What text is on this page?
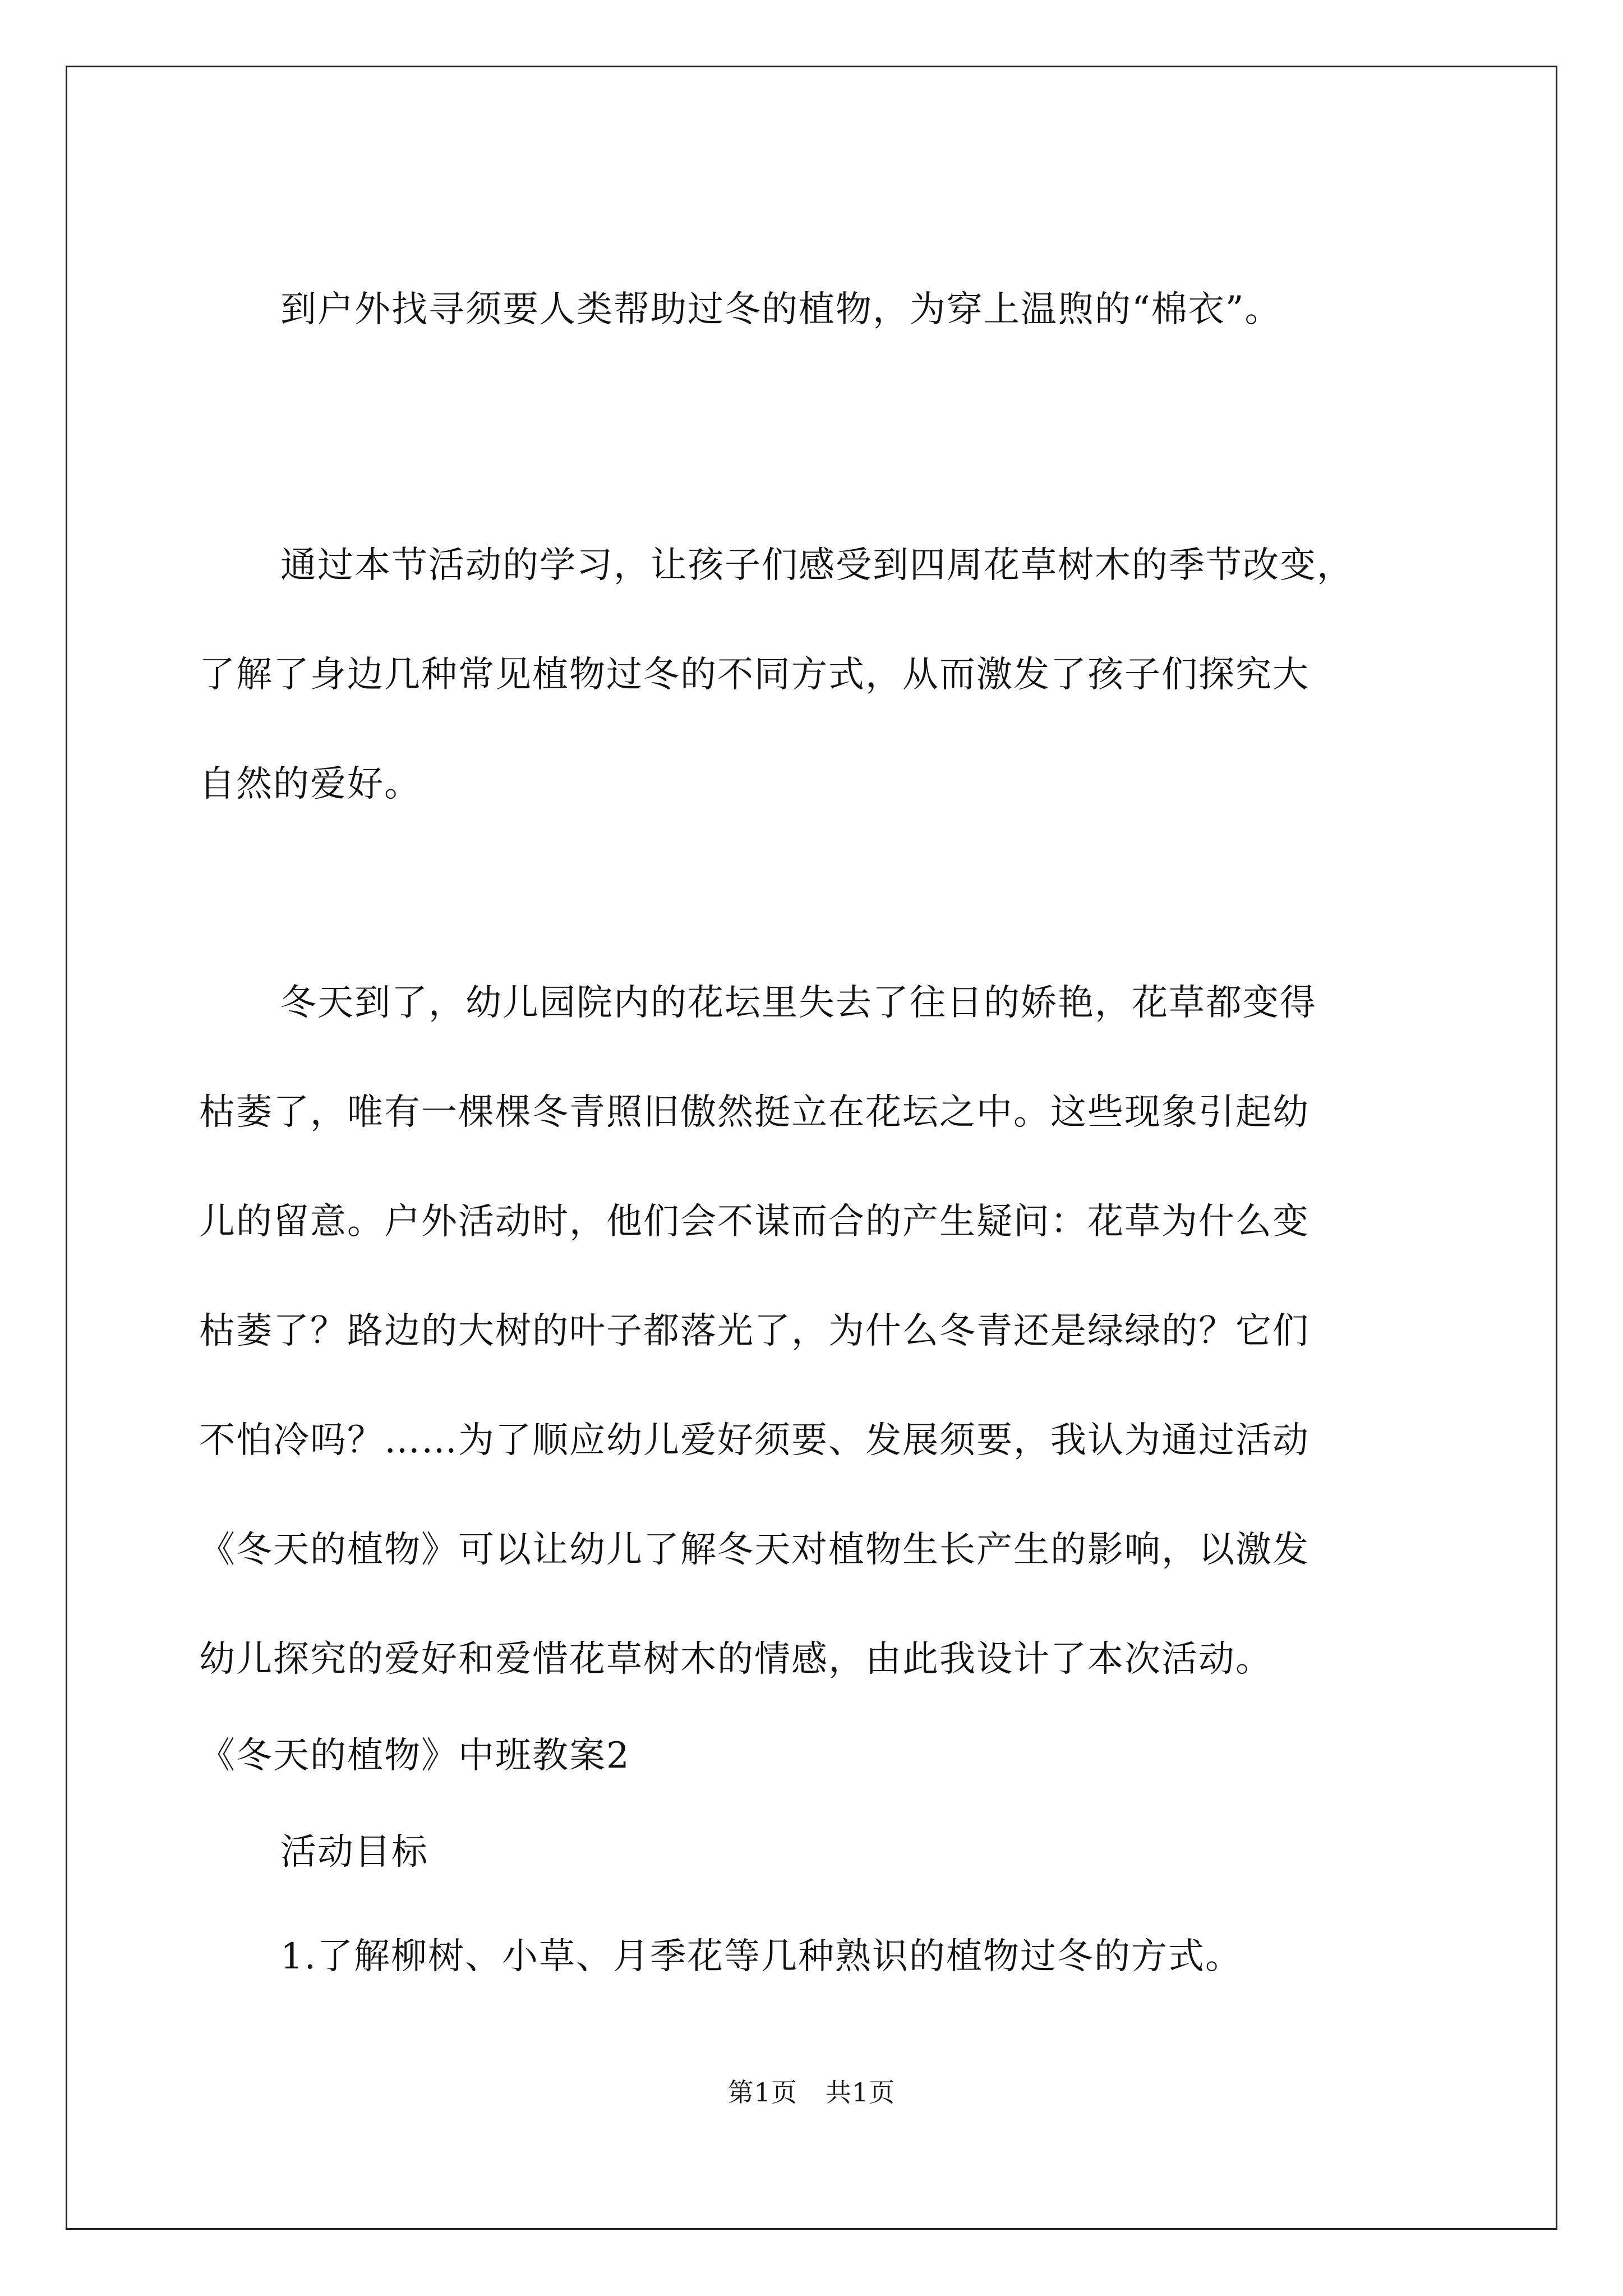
到户外找寻须要人类帮助过冬的植物，为穿上温煦的“棉衣”。
通过本节活动的学习，让孩子们感受到四周花草树木的季节改变，
了解了身边几种常见植物过冬的不同方式，从而激发了孩子们探究大
自然的爱好。
冬天到了，幼儿园院内的花坛里失去了往日的娇艳，花草都变得
枯萎了，唯有一棵棵冬青照旧傲然挺立在花坛之中。这些现象引起幼
儿的留意。户外活动时，他们会不谋而合的产生疑问：花草为什么变
枯萎了？路边的大树的叶子都落光了，为什么冬青还是绿绿的？它们
不怕冷吗？……为了顺应幼儿爱好须要、发展须要，我认为通过活动
《冬天的植物》可以让幼儿了解冬天对植物生长产生的影响，以激发
幼儿探究的爱好和爱惜花草树木的情感，由此我设计了本次活动。
《冬天的植物》中班教案2
活动目标
1.了解柳树、小草、月季花等几种熟识的植物过冬的方式。
第1页 共1页
